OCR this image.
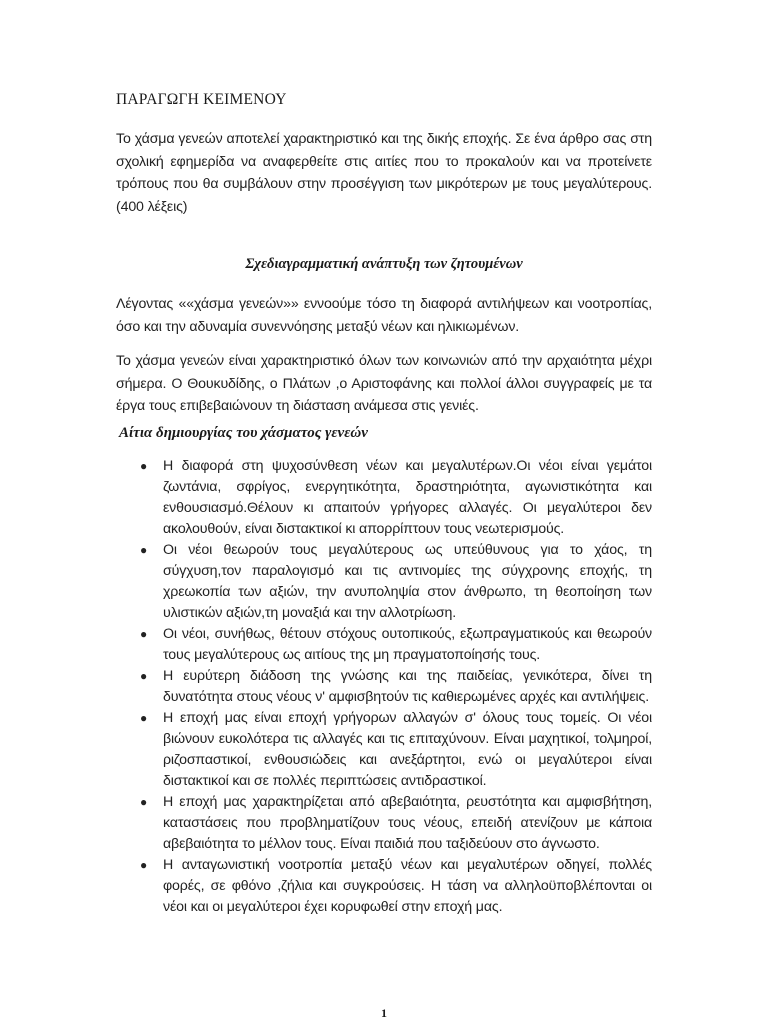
ΠΑΡΑΓΩΓΗ ΚΕΙΜΕΝΟΥ
Το χάσμα γενεών αποτελεί χαρακτηριστικό και της δικής εποχής. Σε ένα άρθρο σας στη σχολική εφημερίδα να αναφερθείτε στις αιτίες που το προκαλούν και να προτείνετε τρόπους που θα συμβάλουν στην προσέγγιση των μικρότερων με τους μεγαλύτερους. (400 λέξεις)
Σχεδιαγραμματική ανάπτυξη των ζητουμένων
Λέγοντας ««χάσμα γενεών»» εννοούμε τόσο τη διαφορά αντιλήψεων και νοοτροπίας, όσο και την αδυναμία συνεννόησης μεταξύ νέων και ηλικιωμένων.
Το χάσμα γενεών είναι χαρακτηριστικό όλων των κοινωνιών από την αρχαιότητα μέχρι σήμερα. Ο Θουκυδίδης, ο Πλάτων ,ο Αριστοφάνης και πολλοί άλλοι συγγραφείς με τα έργα τους επιβεβαιώνουν τη διάσταση ανάμεσα στις γενιές.
Αίτια δημιουργίας του χάσματος γενεών
● Η διαφορά στη ψυχοσύνθεση νέων και μεγαλυτέρων.Οι νέοι είναι γεμάτοι ζωντάνια, σφρίγος, ενεργητικότητα, δραστηριότητα, αγωνιστικότητα και ενθουσιασμό.Θέλουν κι απαιτούν γρήγορες αλλαγές. Οι μεγαλύτεροι δεν ακολουθούν, είναι διστακτικοί κι απορρίπτουν τους νεωτερισμούς.
● Οι νέοι θεωρούν τους μεγαλύτερους ως υπεύθυνους για το χάος, τη σύγχυση,τον παραλογισμό και τις αντινομίες της σύγχρονης εποχής, τη χρεωκοπία των αξιών, την ανυποληψία στον άνθρωπο, τη θεοποίηση των υλιστικών αξιών,τη μοναξιά και την αλλοτρίωση.
● Οι νέοι, συνήθως, θέτουν στόχους ουτοπικούς, εξωπραγματικούς και θεωρούν τους μεγαλύτερους ως αιτίους της μη πραγματοποίησής τους.
● Η ευρύτερη διάδοση της γνώσης και της παιδείας, γενικότερα, δίνει τη δυνατότητα στους νέους ν' αμφισβητούν τις καθιερωμένες αρχές και αντιλήψεις.
● Η εποχή μας είναι εποχή γρήγορων αλλαγών σ' όλους τους τομείς. Οι νέοι βιώνουν ευκολότερα τις αλλαγές και τις επιταχύνουν. Είναι μαχητικοί, τολμηροί, ριζοσπαστικοί, ενθουσιώδεις και ανεξάρτητοι, ενώ οι μεγαλύτεροι είναι διστακτικοί και σε πολλές περιπτώσεις αντιδραστικοί.
● Η εποχή μας χαρακτηρίζεται από αβεβαιότητα, ρευστότητα και αμφισβήτηση, καταστάσεις που προβληματίζουν τους νέους, επειδή ατενίζουν με κάποια αβεβαιότητα το μέλλον τους. Είναι παιδιά που ταξιδεύουν στο άγνωστο.
● Η ανταγωνιστική νοοτροπία μεταξύ νέων και μεγαλυτέρων οδηγεί, πολλές φορές, σε φθόνο ,ζήλια και συγκρούσεις. Η τάση να αλληλοϋποβλέπονται οι νέοι και οι μεγαλύτεροι έχει κορυφωθεί στην εποχή μας.
1
